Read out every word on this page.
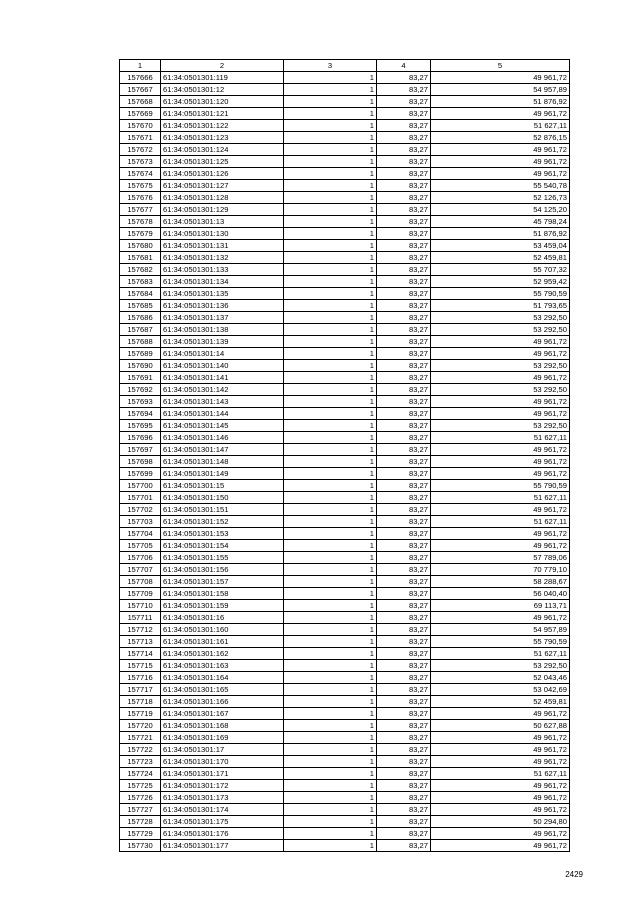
1	2	3	4	5
157666	61:34:0501301:119	1	83,27	49 961,72
157667	61:34:0501301:12	1	83,27	54 957,89
157668	61:34:0501301:120	1	83,27	51 876,92
157669	61:34:0501301:121	1	83,27	49 961,72
157670	61:34:0501301:122	1	83,27	51 627,11
157671	61:34:0501301:123	1	83,27	52 876,15
157672	61:34:0501301:124	1	83,27	49 961,72
157673	61:34:0501301:125	1	83,27	49 961,72
157674	61:34:0501301:126	1	83,27	49 961,72
157675	61:34:0501301:127	1	83,27	55 540,78
157676	61:34:0501301:128	1	83,27	52 126,73
157677	61:34:0501301:129	1	83,27	54 125,20
157678	61:34:0501301:13	1	83,27	45 798,24
157679	61:34:0501301:130	1	83,27	51 876,92
157680	61:34:0501301:131	1	83,27	53 459,04
157681	61:34:0501301:132	1	83,27	52 459,81
157682	61:34:0501301:133	1	83,27	55 707,32
157683	61:34:0501301:134	1	83,27	52 959,42
157684	61:34:0501301:135	1	83,27	55 790,59
157685	61:34:0501301:136	1	83,27	51 793,65
157686	61:34:0501301:137	1	83,27	53 292,50
157687	61:34:0501301:138	1	83,27	53 292,50
157688	61:34:0501301:139	1	83,27	49 961,72
157689	61:34:0501301:14	1	83,27	49 961,72
157690	61:34:0501301:140	1	83,27	53 292,50
157691	61:34:0501301:141	1	83,27	49 961,72
157692	61:34:0501301:142	1	83,27	53 292,50
157693	61:34:0501301:143	1	83,27	49 961,72
157694	61:34:0501301:144	1	83,27	49 961,72
157695	61:34:0501301:145	1	83,27	53 292,50
157696	61:34:0501301:146	1	83,27	51 627,11
157697	61:34:0501301:147	1	83,27	49 961,72
157698	61:34:0501301:148	1	83,27	49 961,72
157699	61:34:0501301:149	1	83,27	49 961,72
157700	61:34:0501301:15	1	83,27	55 790,59
157701	61:34:0501301:150	1	83,27	51 627,11
157702	61:34:0501301:151	1	83,27	49 961,72
157703	61:34:0501301:152	1	83,27	51 627,11
157704	61:34:0501301:153	1	83,27	49 961,72
157705	61:34:0501301:154	1	83,27	49 961,72
157706	61:34:0501301:155	1	83,27	57 789,06
157707	61:34:0501301:156	1	83,27	70 779,10
157708	61:34:0501301:157	1	83,27	58 288,67
157709	61:34:0501301:158	1	83,27	56 040,40
157710	61:34:0501301:159	1	83,27	69 113,71
157711	61:34:0501301:16	1	83,27	49 961,72
157712	61:34:0501301:160	1	83,27	54 957,89
157713	61:34:0501301:161	1	83,27	55 790,59
157714	61:34:0501301:162	1	83,27	51 627,11
157715	61:34:0501301:163	1	83,27	53 292,50
157716	61:34:0501301:164	1	83,27	52 043,46
157717	61:34:0501301:165	1	83,27	53 042,69
157718	61:34:0501301:166	1	83,27	52 459,81
157719	61:34:0501301:167	1	83,27	49 961,72
157720	61:34:0501301:168	1	83,27	50 627,88
157721	61:34:0501301:169	1	83,27	49 961,72
157722	61:34:0501301:17	1	83,27	49 961,72
157723	61:34:0501301:170	1	83,27	49 961,72
157724	61:34:0501301:171	1	83,27	51 627,11
157725	61:34:0501301:172	1	83,27	49 961,72
157726	61:34:0501301:173	1	83,27	49 961,72
157727	61:34:0501301:174	1	83,27	49 961,72
157728	61:34:0501301:175	1	83,27	50 294,80
157729	61:34:0501301:176	1	83,27	49 961,72
157730	61:34:0501301:177	1	83,27	49 961,72
2429
